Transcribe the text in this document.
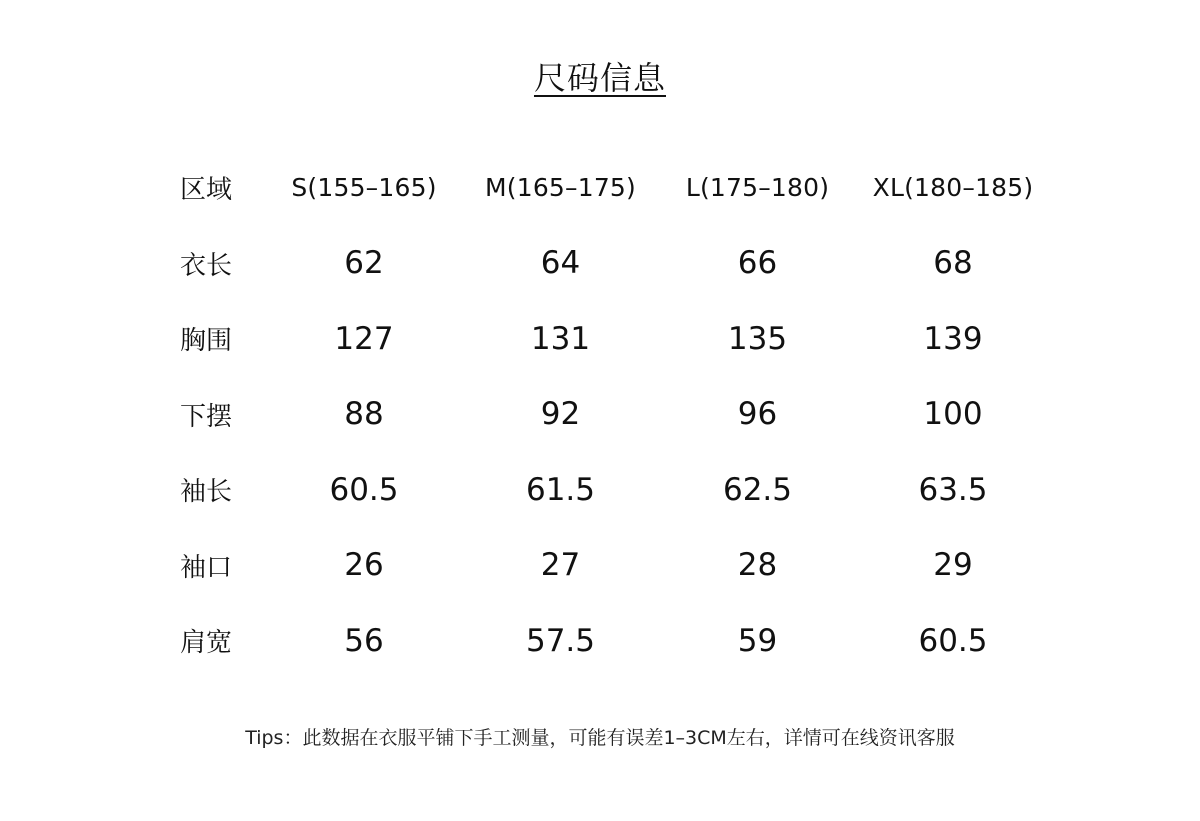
尺码信息
区域	S(155–165)	M(165–175)	L(175–180)	XL(180–185)
衣长	62	64	66	68
胸围	127	131	135	139
下摆	88	92	96	100
袖长	60.5	61.5	62.5	63.5
袖口	26	27	28	29
肩宽	56	57.5	59	60.5
Tips：此数据在衣服平铺下手工测量，可能有误差1–3CM左右，详情可在线资讯客服
